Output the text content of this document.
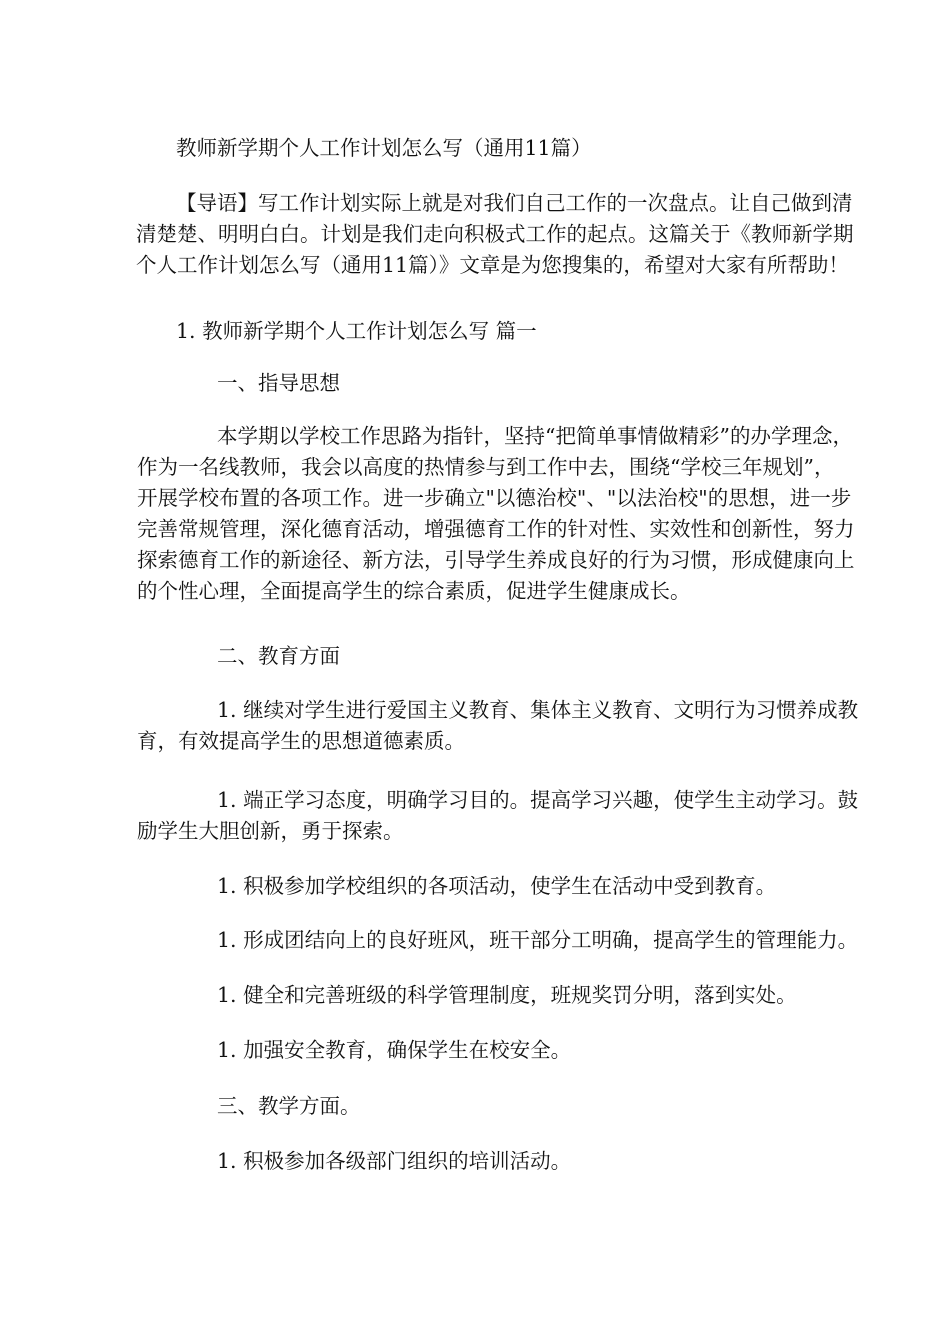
教师新学期个人工作计划怎么写（通用11篇）

【导语】写工作计划实际上就是对我们自己工作的一次盘点。让自己做到清
清楚楚、明明白白。计划是我们走向积极式工作的起点。这篇关于《教师新学期
个人工作计划怎么写（通用11篇）》文章是为您搜集的，希望对大家有所帮助！

1. 教师新学期个人工作计划怎么写 篇一

一、指导思想

本学期以学校工作思路为指针，坚持“把简单事情做精彩”的办学理念，
作为一名线教师，我会以高度的热情参与到工作中去，围绕“学校三年规划”，
开展学校布置的各项工作。进一步确立"以德治校"、"以法治校"的思想，进一步
完善常规管理，深化德育活动，增强德育工作的针对性、实效性和创新性，努力
探索德育工作的新途径、新方法，引导学生养成良好的行为习惯，形成健康向上
的个性心理，全面提高学生的综合素质，促进学生健康成长。

二、教育方面

1. 继续对学生进行爱国主义教育、集体主义教育、文明行为习惯养成教
育，有效提高学生的思想道德素质。
1. 端正学习态度，明确学习目的。提高学习兴趣，使学生主动学习。鼓
励学生大胆创新，勇于探索。

1. 积极参加学校组织的各项活动，使学生在活动中受到教育。

1. 形成团结向上的良好班风，班干部分工明确，提高学生的管理能力。

1. 健全和完善班级的科学管理制度，班规奖罚分明，落到实处。

1. 加强安全教育，确保学生在校安全。

三、教学方面。

1. 积极参加各级部门组织的培训活动。
